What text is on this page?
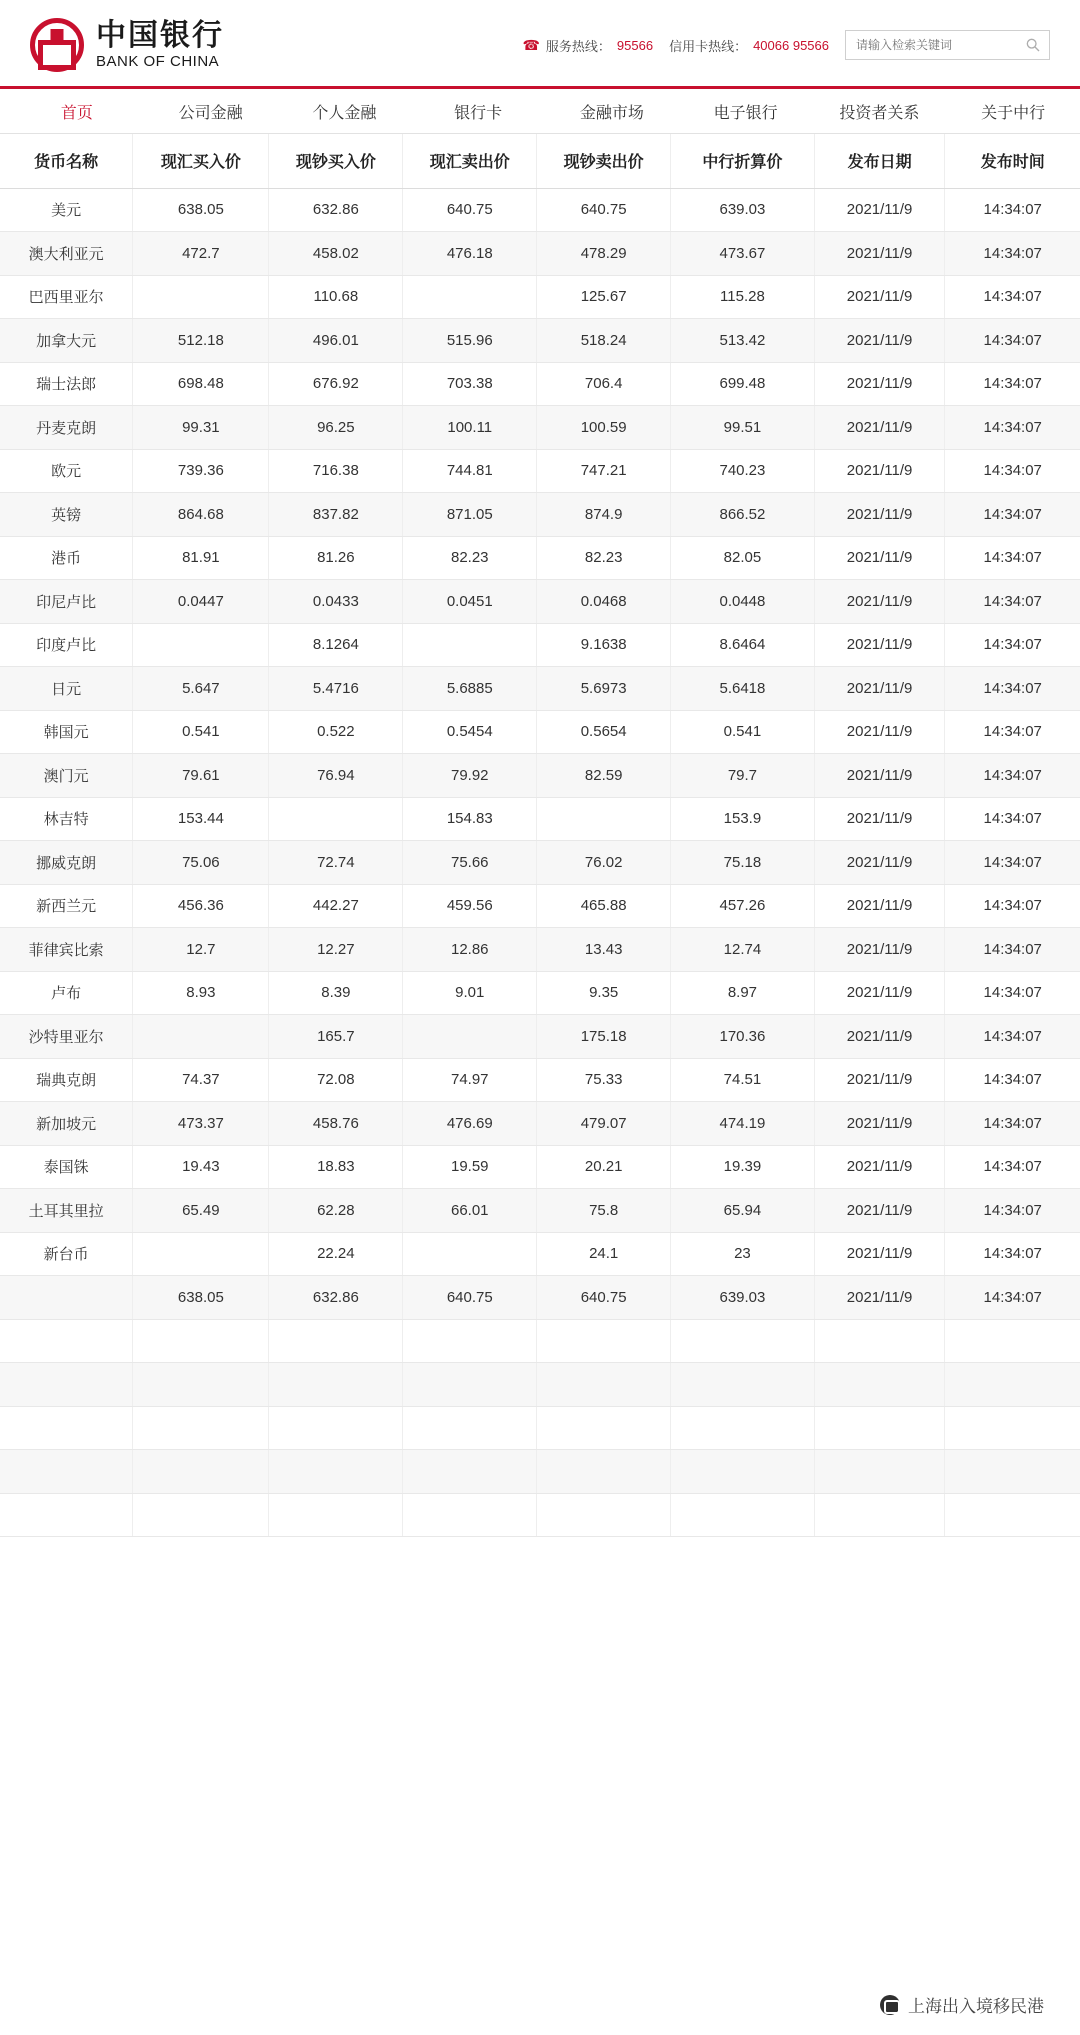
中国银行
BANK OF CHINA
☎ 服务热线： 95566 信用卡热线： 40066 95566
请输入检索关键词
首页	公司金融	个人金融	银行卡	金融市场	电子银行	投资者关系	关于中行
货币名称	现汇买入价	现钞买入价	现汇卖出价	现钞卖出价	中行折算价	发布日期	发布时间
美元	638.05	632.86	640.75	640.75	639.03	2021/11/9	14:34:07
澳大利亚元	472.7	458.02	476.18	478.29	473.67	2021/11/9	14:34:07
巴西里亚尔		110.68		125.67	115.28	2021/11/9	14:34:07
加拿大元	512.18	496.01	515.96	518.24	513.42	2021/11/9	14:34:07
瑞士法郎	698.48	676.92	703.38	706.4	699.48	2021/11/9	14:34:07
丹麦克朗	99.31	96.25	100.11	100.59	99.51	2021/11/9	14:34:07
欧元	739.36	716.38	744.81	747.21	740.23	2021/11/9	14:34:07
英镑	864.68	837.82	871.05	874.9	866.52	2021/11/9	14:34:07
港币	81.91	81.26	82.23	82.23	82.05	2021/11/9	14:34:07
印尼卢比	0.0447	0.0433	0.0451	0.0468	0.0448	2021/11/9	14:34:07
印度卢比		8.1264		9.1638	8.6464	2021/11/9	14:34:07
日元	5.647	5.4716	5.6885	5.6973	5.6418	2021/11/9	14:34:07
韩国元	0.541	0.522	0.5454	0.5654	0.541	2021/11/9	14:34:07
澳门元	79.61	76.94	79.92	82.59	79.7	2021/11/9	14:34:07
林吉特	153.44		154.83		153.9	2021/11/9	14:34:07
挪威克朗	75.06	72.74	75.66	76.02	75.18	2021/11/9	14:34:07
新西兰元	456.36	442.27	459.56	465.88	457.26	2021/11/9	14:34:07
菲律宾比索	12.7	12.27	12.86	13.43	12.74	2021/11/9	14:34:07
卢布	8.93	8.39	9.01	9.35	8.97	2021/11/9	14:34:07
沙特里亚尔		165.7		175.18	170.36	2021/11/9	14:34:07
瑞典克朗	74.37	72.08	74.97	75.33	74.51	2021/11/9	14:34:07
新加坡元	473.37	458.76	476.69	479.07	474.19	2021/11/9	14:34:07
泰国铢	19.43	18.83	19.59	20.21	19.39	2021/11/9	14:34:07
土耳其里拉	65.49	62.28	66.01	75.8	65.94	2021/11/9	14:34:07
新台币		22.24		24.1	23	2021/11/9	14:34:07
	638.05	632.86	640.75	640.75	639.03	2021/11/9	14:34:07

上海出入境移民港
